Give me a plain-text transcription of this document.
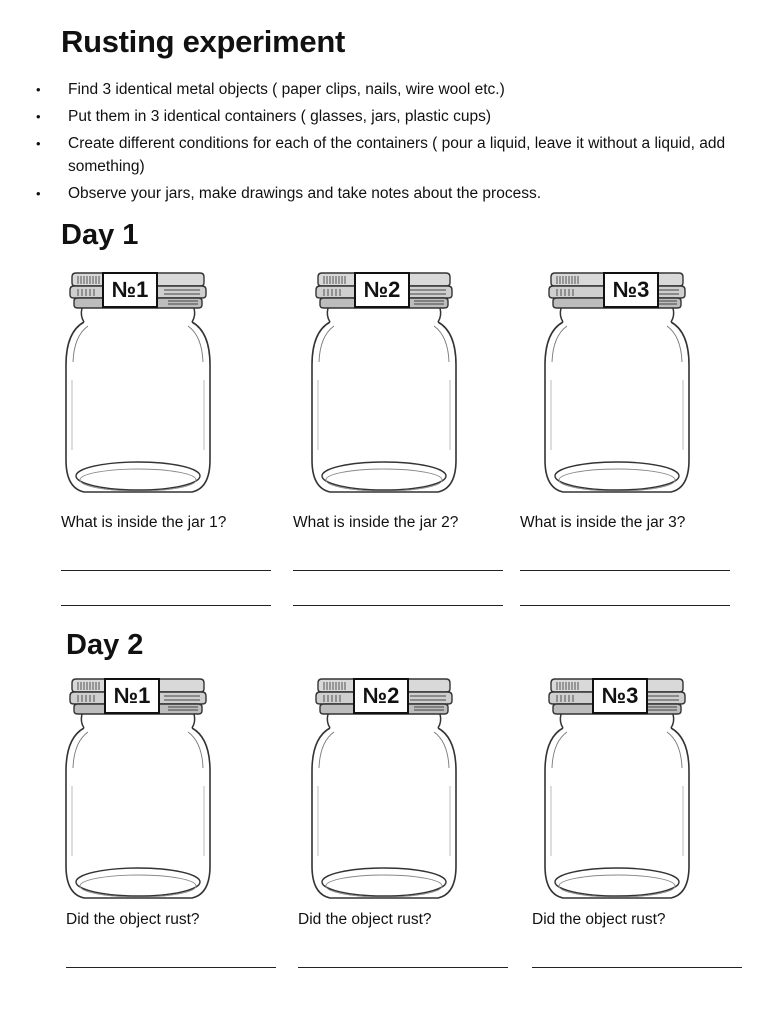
Rusting experiment
• Find 3 identical metal objects ( paper clips, nails, wire wool etc.)
• Put them in 3 identical containers ( glasses, jars, plastic cups)
• Create different conditions for each of the containers ( pour a liquid, leave it without a liquid, add something)
• Observe your jars, make drawings and take notes about the process.
Day 1
№1	№2	№3
What is inside the jar 1?	What is inside the jar 2?	What is inside the jar 3?
Day 2
№1	№2	№3
Did the object rust?	Did the object rust?	Did the object rust?
